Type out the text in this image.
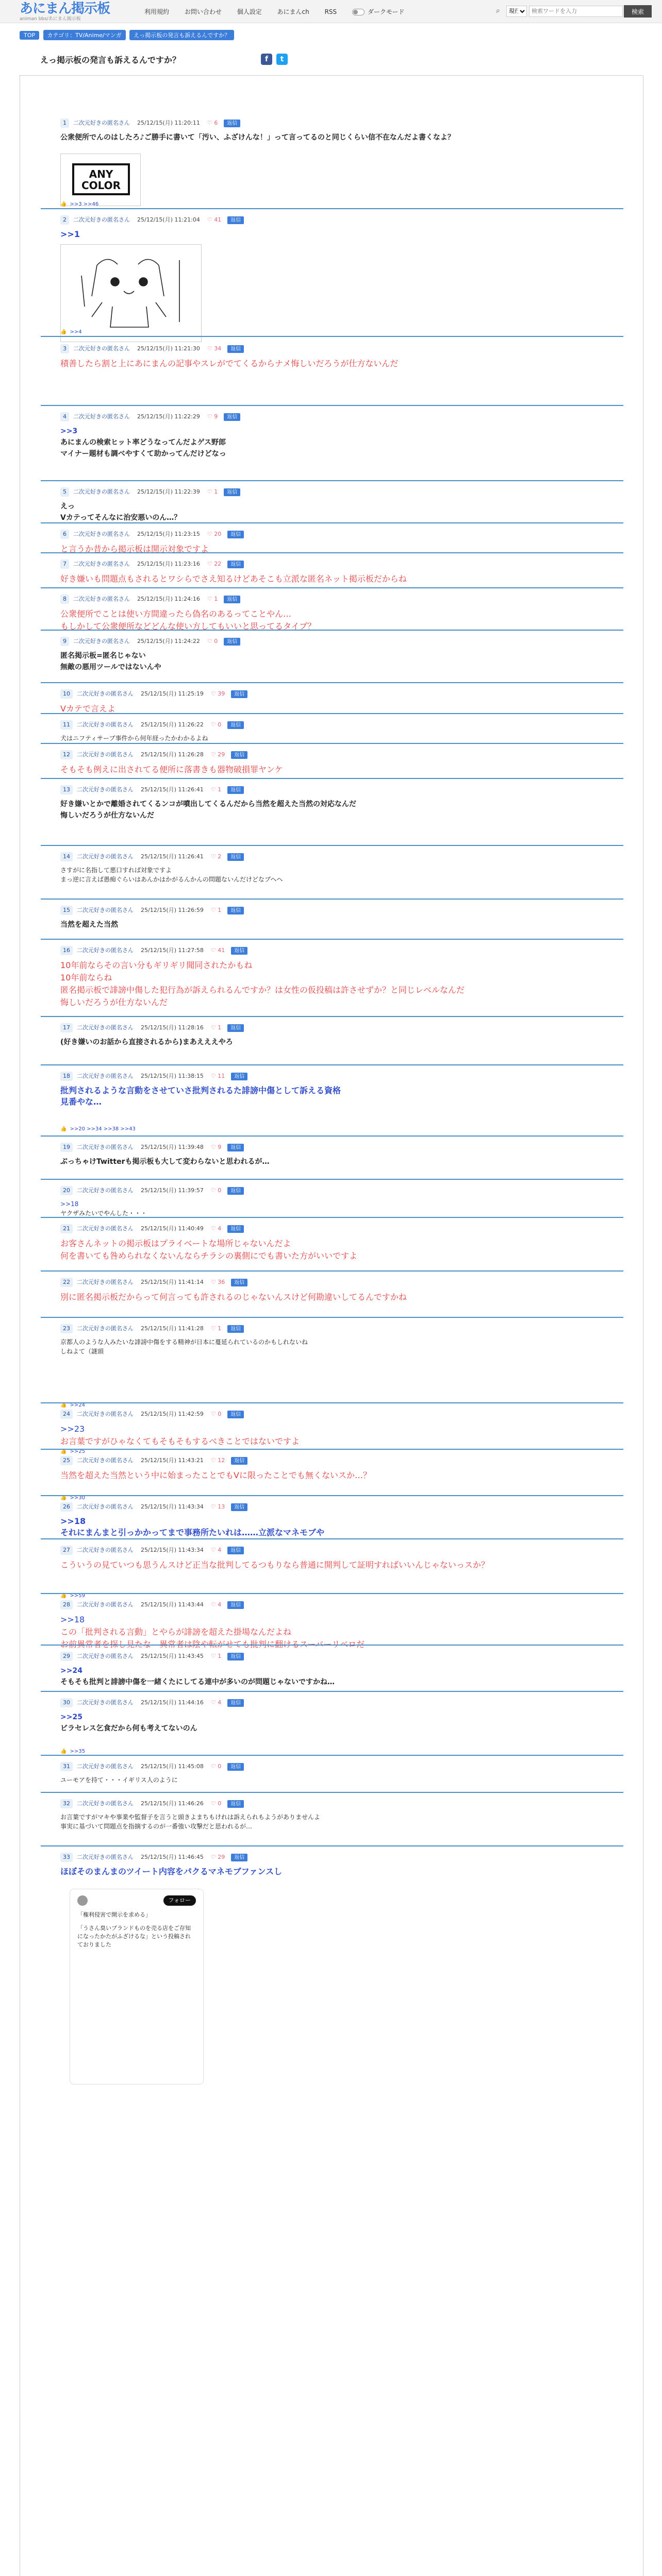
あにまん掲示板
animan bbs/あにまん掲示板
利用規約 お問い合わせ 個人設定 あにまんch RSS	ダークモード	⌕
現行
検索ワードを入力	検索
TOP カテゴリ：TV/Anime/マンガ えっ掲示板の発言も訴えるんですか？
えっ掲示板の発言も訴えるんですか？	f	t
1 二次元好きの匿名さん 25/12/15(月) 11:20:11 ♡ 6 返信
公衆便所でんのはしたろ♪ご勝手に書いて「汚い、ふざけんな！」って言ってるのと同じくらい信不在なんだよ書くなよ？
ANY COLOR
👍 >>3 >>46
2 二次元好きの匿名さん 25/12/15(月) 11:21:04 ♡ 41 返信
>>1
3 二次元好きの匿名さん 25/12/15(月) 11:21:30 ♡ 34 返信
積善したら割と上にあにまんの記事やスレがでてくるからナメ悔しいだろうが仕方ないんだ
👍 >>4
4 二次元好きの匿名さん 25/12/15(月) 11:22:29 ♡ 9 返信
>>3
あにまんの検索ヒット率どうなってんだよゲス野郎
マイナー題材も調べやすくて助かってんだけどなっ
5 二次元好きの匿名さん 25/12/15(月) 11:22:39 ♡ 1 返信
えっ
Vカテってそんなに治安悪いのん…？
6 二次元好きの匿名さん 25/12/15(月) 11:23:15 ♡ 20 返信
と言うか昔から掲示板は開示対象ですよ
7 二次元好きの匿名さん 25/12/15(月) 11:23:16 ♡ 22 返信
好き嫌いも問題点もされるとワシらでさえ知るけどあそこも立派な匿名ネット掲示板だからね
8 二次元好きの匿名さん 25/12/15(月) 11:24:16 ♡ 1 返信
公衆便所でことは使い方間違ったら偽名のあるってことやん…
もしかして公衆便所などどんな使い方してもいいと思ってるタイプ？
9 二次元好きの匿名さん 25/12/15(月) 11:24:22 ♡ 0 返信
匿名掲示板=匿名じゃない
無敵の悪用ツールではないんや
10 二次元好きの匿名さん 25/12/15(月) 11:25:19 ♡ 39 返信
Vカテで言えよ
11 二次元好きの匿名さん 25/12/15(月) 11:26:22 ♡ 0 返信
犬はニフティサーブ事件から何年経ったかわかるよね
12 二次元好きの匿名さん 25/12/15(月) 11:26:28 ♡ 29 返信
そもそも例えに出されてる便所に落書きも器物破損罪ヤンケ
13 二次元好きの匿名さん 25/12/15(月) 11:26:41 ♡ 1 返信
好き嫌いとかで離婚されてくるンコが噴出してくるんだから当然を超えた当然の対応なんだ
悔しいだろうが仕方ないんだ
14 二次元好きの匿名さん 25/12/15(月) 11:26:41 ♡ 2 返信
さすがに名指して悪口すれば対象ですよ
まっ逆に言えば愚痴ぐらいはあんかはかがるんかんの問題ないんだけどなブヘヘ
15 二次元好きの匿名さん 25/12/15(月) 11:26:59 ♡ 1 返信
当然を超えた当然
16 二次元好きの匿名さん 25/12/15(月) 11:27:58 ♡ 41 返信
10年前ならその言い分もギリギリ聞同されたかもね
10年前ならね
匿名掲示板で誹謗中傷した犯行為が訴えられるんですか？は女性の仮投稿は許させずか？と同じレベルなんだ
悔しいだろうが仕方ないんだ
17 二次元好きの匿名さん 25/12/15(月) 11:28:16 ♡ 1 返信
(好き嫌いのお話から直接されるから)まあえええやろ
18 二次元好きの匿名さん 25/12/15(月) 11:38:15 ♡ 11 返信
批判されるような言動をさせていさ批判されるた誹謗中傷として訴える資格
見番やな…
👍 >>20 >>34 >>38 >>43
19 二次元好きの匿名さん 25/12/15(月) 11:39:48 ♡ 9 返信
ぶっちゃけTwitterも掲示板も大して変わらないと思われるが…
20 二次元好きの匿名さん 25/12/15(月) 11:39:57 ♡ 0 返信
>>18
ヤクザみたいでやんした・・・
21 二次元好きの匿名さん 25/12/15(月) 11:40:49 ♡ 4 返信
お客さんネットの掲示板はプライベートな場所じゃないんだよ
何を書いても咎められなくないんならチラシの裏側にでも書いた方がいいですよ
22 二次元好きの匿名さん 25/12/15(月) 11:41:14 ♡ 36 返信
別に匿名掲示板だからって何言っても許されるのじゃないんスけど何勘違いしてるんですかね
23 二次元好きの匿名さん 25/12/15(月) 11:41:28 ♡ 1 返信
京都人のような人みたいな誹謗中傷をする精神が日本に蔓延られているのかもしれないね
しねよて（謎頭
👍 >>24
24 二次元好きの匿名さん 25/12/15(月) 11:42:59 ♡ 0 返信
>>23
お言葉ですがひゃなくてもそもそもするべきことではないですよ
👍 >>25
25 二次元好きの匿名さん 25/12/15(月) 11:43:21 ♡ 12 返信
当然を超えた当然という中に始まったことでもVに限ったことでも無くないスか…？
👍 >>30
26 二次元好きの匿名さん 25/12/15(月) 11:43:34 ♡ 13 返信
>>18
それにまんまと引っかかってまで事務所たいれは……立派なマネモブや
27 二次元好きの匿名さん 25/12/15(月) 11:43:34 ♡ 4 返信
こういうの見ていつも思うんスけど正当な批判してるつもりなら普通に開判して証明すればいいんじゃないっスか？
👍 >>59
28 二次元好きの匿名さん 25/12/15(月) 11:43:44 ♡ 4 返信
>>18
この「批判される言動」とやらが誹謗を超えた掛場なんだよね
お前異常者を探し見たな　異常者は陰や転がせても批判に翻けるスーパーリベロだ
29 二次元好きの匿名さん 25/12/15(月) 11:43:45 ♡ 1 返信
>>24
そもそも批判と誹謗中傷を一緒くたにしてる連中が多いのが問題じゃないですかね…
30 二次元好きの匿名さん 25/12/15(月) 11:44:16 ♡ 4 返信
>>25
ビラセレス乞食だから何も考えてないのん
👍 >>35
31 二次元好きの匿名さん 25/12/15(月) 11:45:08 ♡ 0 返信
ユーモアを持て・・・イギリス人のように
32 二次元好きの匿名さん 25/12/15(月) 11:46:26 ♡ 0 返信
お言葉ですがマキや事業や監督子を言うと頭きよまちもけれは訴えられもようがありませんよ
事実に基づいて問題点を指摘するのが一番強い攻撃だと思われるが…
33 二次元好きの匿名さん 25/12/15(月) 11:46:45 ♡ 29 返信
ほぼそのまんまのツイート内容をパクるマネモブファンスし
フォロー
「権利侵害で開示を求める」
「うさん臭いブランドものを売る店をご存知になったかたがふざけるな」という投稿されておりました
